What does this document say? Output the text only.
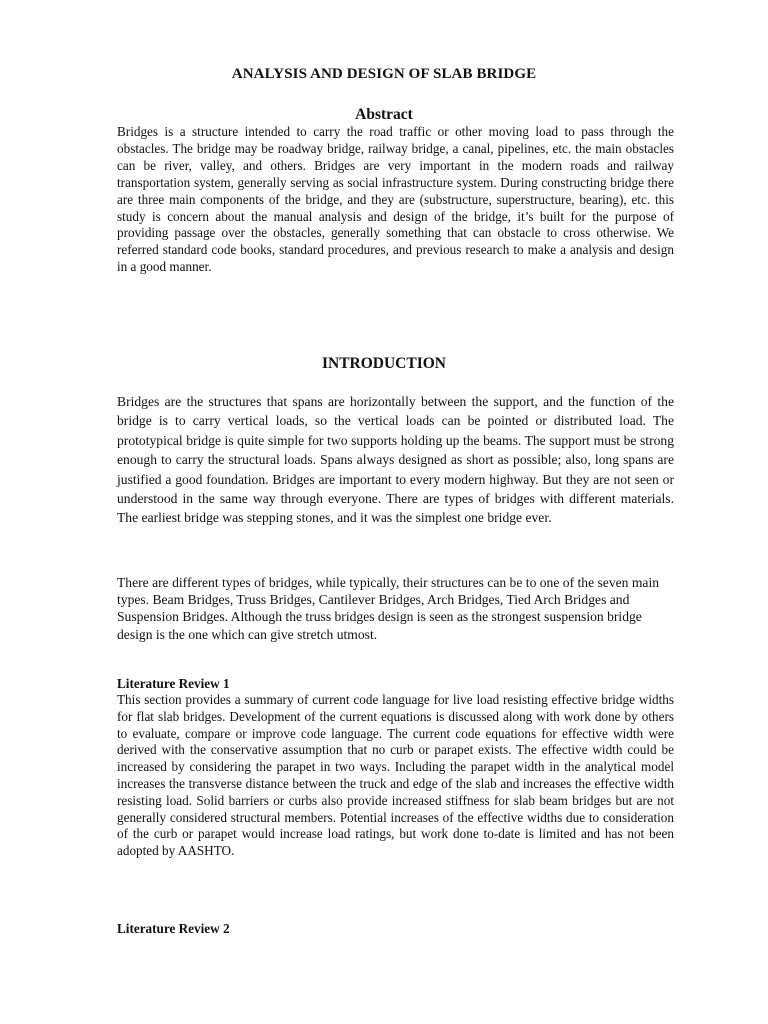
ANALYSIS AND DESIGN OF SLAB BRIDGE
Abstract

Bridges is a structure intended to carry the road traffic or other moving load to pass through the obstacles. The bridge may be roadway bridge, railway bridge, a canal, pipelines, etc. the main obstacles can be river, valley, and others. Bridges are very important in the modern roads and railway transportation system, generally serving as social infrastructure system. During constructing bridge there are three main components of the bridge, and they are (substructure, superstructure, bearing), etc. this study is concern about the manual analysis and design of the bridge, it’s built for the purpose of providing passage over the obstacles, generally something that can obstacle to cross otherwise. We referred standard code books, standard procedures, and previous research to make a analysis and design in a good manner.

INTRODUCTION

Bridges are the structures that spans are horizontally between the support, and the function of the bridge is to carry vertical loads, so the vertical loads can be pointed or distributed load. The prototypical bridge is quite simple for two supports holding up the beams. The support must be strong enough to carry the structural loads. Spans always designed as short as possible; also, long spans are justified a good foundation. Bridges are important to every modern highway. But they are not seen or understood in the same way through everyone. There are types of bridges with different materials. The earliest bridge was stepping stones, and it was the simplest one bridge ever.

There are different types of bridges, while typically, their structures can be to one of the seven main types. Beam Bridges, Truss Bridges, Cantilever Bridges, Arch Bridges, Tied Arch Bridges and Suspension Bridges. Although the truss bridges design is seen as the strongest suspension bridge design is the one which can give stretch utmost.

Literature Review 1

This section provides a summary of current code language for live load resisting effective bridge widths for flat slab bridges. Development of the current equations is discussed along with work done by others to evaluate, compare or improve code language. The current code equations for effective width were derived with the conservative assumption that no curb or parapet exists. The effective width could be increased by considering the parapet in two ways. Including the parapet width in the analytical model increases the transverse distance between the truck and edge of the slab and increases the effective width resisting load. Solid barriers or curbs also provide increased stiffness for slab beam bridges but are not generally considered structural members. Potential increases of the effective widths due to consideration of the curb or parapet would increase load ratings, but work done to-date is limited and has not been adopted by AASHTO.

Literature Review 2
